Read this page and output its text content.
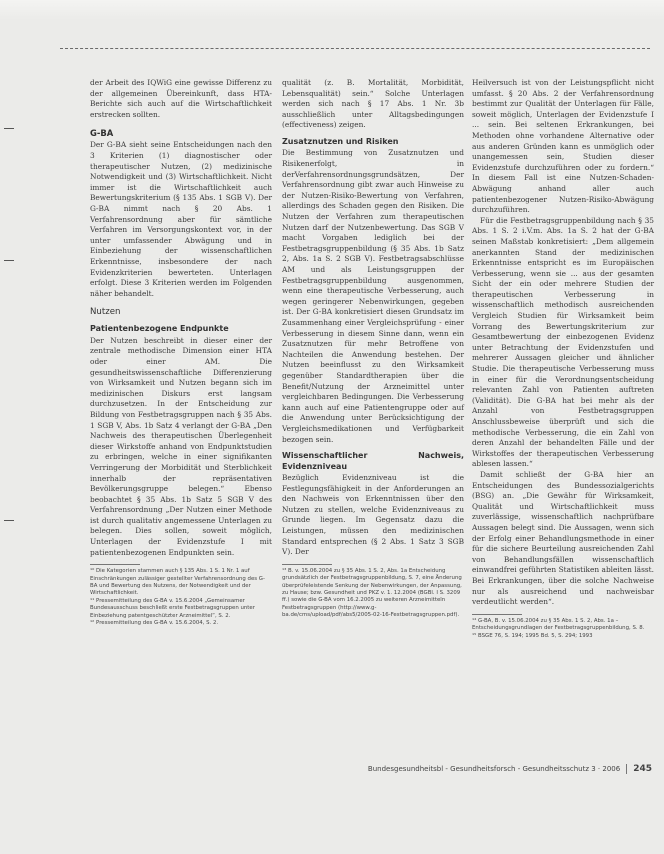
der Arbeit des IQWiG eine gewisse Differenz zu der allgemeinen Übereinkunft, dass HTA-Berichte sich auch auf die Wirtschaftlichkeit erstrecken sollten.

G-BA

Der G-BA sieht seine Entscheidungen nach den 3 Kriterien (1) diagnostischer oder therapeutischer Nutzen, (2) medizinische Notwendigkeit und (3) Wirtschaftlichkeit. Nicht immer ist die Wirtschaftlichkeit auch Bewertungskriterium (§ 135 Abs. 1 SGB V). Der G-BA nimmt nach § 20 Abs. 1 Verfahrensordnung aber für sämtliche Verfahren im Versorgungskontext vor, in der unter umfassender Abwägung und in Einbeziehung der wissenschaftlichen Erkenntnisse, insbesondere der nach Evidenzkriterien bewerteten. Unterlagen erfolgt. Diese 3 Kriterien werden im Folgenden näher behandelt.

Nutzen
Patientenbezogene Endpunkte

Der Nutzen beschreibt in dieser einer der zentrale methodische Dimension einer HTA oder einer AM. Die gesundheitswissenschaftliche Differenzierung von Wirksamkeit und Nutzen begann sich im medizinischen Diskurs erst langsam durchzusetzen. In der Entscheidung zur Bildung von Festbetragsgruppen nach § 35 Abs. 1 SGB V, Abs. 1b Satz 4 verlangt der G-BA „Den Nachweis des therapeutischen Überlegenheit dieser Wirkstoffe anhand von Endpunktstudien zu erbringen, welche in einer signifikanten Verringerung der Morbidität und Sterblichkeit innerhalb der repräsentativen Bevölkerungsgruppe belegen.“ Ebenso beobachtet § 35 Abs. 1b Satz 5 SGB V des Verfahrensordnung „Der Nutzen einer Methode ist durch qualitativ angemessene Unterlagen zu belegen. Dies sollen, soweit möglich, Unterlagen der Evidenzstufe I mit patientenbezogenen Endpunkten sein.

¹⁰ Die Kategorien stammen auch § 135 Abs. 1 S. 1 Nr. 1 auf Einschränkungen zulässiger gestellter Verfahrensordnung des G-BA und Bewertung des Nutzens, der Notwendigkeit und der Wirtschaftlichkeit.

¹¹ Pressemitteilung des G-BA v. 15.6.2004 „Gemeinsamer Bundesausschuss beschließt erste Festbetragsgruppen unter Einbeziehung patentgeschützter Arzneimittel“, S. 2.

¹² Pressemitteilung des G-BA v. 15.6.2004, S. 2.

qualität (z. B. Mortalität, Morbidität, Lebensqualität) sein.“ Solche Unterlagen werden sich nach § 17 Abs. 1 Nr. 3b ausschließlich unter Alltagsbedingungen (effectiveness) zeigen.

Zusatznutzen und Risiken

Die Bestimmung von Zusatznutzen und Risikenerfolgt, in derVerfahrensordnungsgrundsätzen, Der Verfahrensordnung gibt zwar auch Hinweise zu der Nutzen-Risiko-Bewertung von Verfahren, allerdings des Schaden gegen den Risiken. Die Nutzen der Verfahren zum therapeutischen Nutzen darf der Nutzenbewertung. Das SGB V macht Vorgaben lediglich bei der Festbetragsgruppenbildung (§ 35 Abs. 1b Satz 2, Abs. 1a S. 2 SGB V). Festbetragsabschlüsse AM und als Leistungsgruppen der Festbetragsgruppenbildung ausgenommen, wenn eine therapeutische Verbesserung, auch wegen geringerer Nebenwirkungen, gegeben ist. Der G-BA konkretisiert diesen Grundsatz im Zusammenhang einer Vergleichsprüfung - einer Verbesserung in diesem Sinne dann, wenn ein Zusatznutzen für mehr Betroffene von Nachteilen die Anwendung bestehen. Der Nutzen beeinflusst zu den Wirksamkeit gegenüber Standardtherapien über die Benefit/Nutzung der Arzneimittel unter vergleichbaren Bedingungen. Die Verbesserung kann auch auf eine Patientengruppe oder auf die Anwendung unter Berücksichtigung der Vergleichsmedikationen und Verfügbarkeit bezogen sein.

Wissenschaftlicher Nachweis, Evidenzniveau

Bezüglich Evidenzniveau ist die Festlegungsfähigkeit in der Anforderungen an den Nachweis von Erkenntnissen über den Nutzen zu stellen, welche Evidenzniveaus zu Grunde liegen. Im Gegensatz dazu die Leistungen, müssen den medizinischen Standard entsprechen (§ 2 Abs. 1 Satz 3 SGB V). Der

¹³ B. v. 15.06.2004 zu § 35 Abs. 1 S. 2, Abs. 1a Entscheidung grundsätzlich der Festbetragsgruppenbildung, S. 7, eine Änderung überprüfeleistende Senkung der Nebenwirkungen, der Anpassung, zu Hause; bzw. Gesundheit und PKZ v. 1. 12.2004 (BGBl. I S. 3209 ff.) sowie die G-BA vom 16.2.2005 zu weiteren Arzneimitteln Festbetragsgruppen (http://www.g-ba.de/cms/upload/pdf/abs5/2005-02-16-Festbetragsgruppen.pdf).

Heilversuch ist von der Leistungspflicht nicht umfasst. § 20 Abs. 2 der Verfahrensordnung bestimmt zur Qualität der Unterlagen für Fälle, soweit möglich, Unterlagen der Evidenzstufe I ... sein. Bei seltenen Erkrankungen, bei Methoden ohne vorhandene Alternative oder aus anderen Gründen kann es unmöglich oder unangemessen sein, Studien dieser Evidenzstufe durchzuführen oder zu fordern.“ In diesem Fall ist eine Nutzen-Schaden-Abwägung anhand aller auch patientenbezogener Nutzen-Risiko-Abwägung durchzuführen.

Für die Festbetragsgruppenbildung nach § 35 Abs. 1 S. 2 i.V.m. Abs. 1a S. 2 hat der G-BA seinen Maßstab konkretisiert: „Dem allgemein anerkannten Stand der medizinischen Erkenntnisse entspricht es im Europäischen Verbesserung, wenn sie ... aus der gesamten Sicht der ein oder mehrere Studien der therapeutischen Verbesserung in wissenschaftlich methodisch ausreichenden Vergleich Studien für Wirksamkeit beim Vorrang des Bewertungskriterium zur Gesamtbewertung der einbezogenen Evidenz unter Betrachtung der Evidenzstufen und mehrerer Aussagen gleicher und ähnlicher Studie. Die therapeutische Verbesserung muss in einer für die Verordnungsentscheidung relevanten Zahl von Patienten auftreten (Validität). Die G-BA hat bei mehr als der Anzahl von Festbetragsgruppen Anschlussbeweise überprüft und sich die methodische Verbesserung, die ein Zahl von deren Anzahl der behandelten Fälle und der Wirkstoffes der therapeutischen Verbesserung ablesen lassen.“

Damit schließt der G-BA hier an Entscheidungen des Bundessozialgerichts (BSG) an. „Die Gewähr für Wirksamkeit, Qualität und Wirtschaftlichkeit muss zuverlässige, wissenschaftlich nachprüfbare Aussagen belegt sind. Die Aussagen, wenn sich der Erfolg einer Behandlungsmethode in einer für die sichere Beurteilung ausreichenden Zahl von Behandlungsfällen wissenschaftlich einwandfrei geführten Statistiken ableiten lässt. Bei Erkrankungen, über die solche Nachweise nur als ausreichend und nachweisbar verdeutlicht werden“.

¹⁴ G-BA, B. v. 15.06.2004 zu § 35 Abs. 1 S. 2, Abs. 1a – Entscheidungsgrundlagen der Festbetragsgruppenbildung, S. 8.

¹⁵ BSGE 76, S. 194; 1995 Bd. 5, S. 294; 1993

Bundesgesundheitsbl - Gesundheitsforsch - Gesundheitsschutz 3 · 2006 245
